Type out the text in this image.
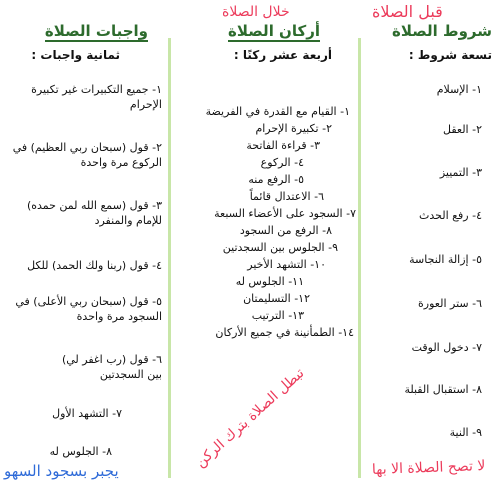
قبل الصلاة
خلال الصلاة
لا تصح الصلاة الا بها
تبطل الصلاة بترك الركن
يجبر بسجود السهو
شروط الصلاة
تسعة شروط :
١- الإسلام
٢- العقل
٣- التمييز
٤- رفع الحدث
٥- إزالة النجاسة
٦- ستر العورة
٧- دخول الوقت
٨- استقبال القبلة
٩- النية
أركان الصلاة
أربعة عشر ركنًا :
١- القيام مع القدرة في الفريضة
٢- تكبيرة الإحرام
٣- قراءة الفاتحة
٤- الركوع
٥- الرفع منه
٦- الاعتدال قائماً
٧- السجود على الأعضاء السبعة
٨- الرفع من السجود
٩- الجلوس بين السجدتين
١٠- التشهد الأخير
١١- الجلوس له
١٢- التسليمتان
١٣- الترتيب
١٤- الطمأنينة في جميع الأركان
واجبات الصلاة
ثمانية واجبات :
١- جميع التكبيرات غير تكبيرة الإحرام
٢- قول (سبحان ربي العظيم) في الركوع مرة واحدة
٣- قول (سمع الله لمن حمده) للإمام والمنفرد
٤- قول (ربنا ولك الحمد) للكل
٥- قول (سبحان ربي الأعلى) في السجود مرة واحدة
٦- قول (رب اغفر لي) بين السجدتين
٧- التشهد الأول
٨- الجلوس له
